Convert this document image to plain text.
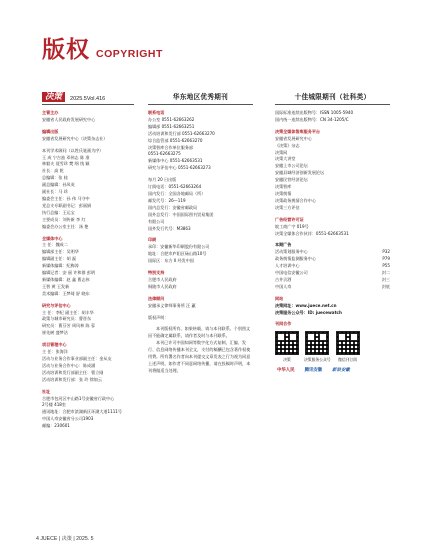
版权 COPYRIGHT
决策	2025.5Vol.416
主管主办
安徽省人民政府发展研究中心
编辑出版
安徽省发展研究中心（决策杂志社）
本刊学术顾问（以姓氏笔画为序）
王 成 宁吉喆 邓伟志 陈 准
林毅夫 聂雪珍 樊 纲 钱 颖
社长：高 乾
总编辑：张 桂
副总编辑：孙凤英
副社长：马 珍
编委会主任：孙 伟 马守中
党总支专职副书记：彭丽娟
执行总编：王运宝
主要成员：刘传新 李 红
编委会办公室主任：汤 艳
全媒体中心
主 任：魏成二
编辑部主任：吴明华
编辑副主任：胡 磊
新媒体编辑：纪梅涛
编辑记者：安 丽 许和群 彭明
新媒体编辑：赵 鑫 曹志伟
王智 黄 王发新
美术编辑：王梦琦 舒 晓东
研究与评估中心
主 任：李纪 副主任：胡丰华
政策与城市研究员：曹晋东
研究员：曹芬芳 周风林 陈 蓉
崔先树 盛梦洁
项目管理中心
主 任：张海洋
活动与业务合作事业部副主任：金从友
活动与业务合作中心：陈成涵
活动培训和发行部副主任：曹立刚
活动培训和发行部：张 玲 徐如云
社址
合肥市包河区中山路1号安徽省行政中心
2号楼 418室
通讯地址：合肥市滨湖新区环湖大道1111号
中国人寿安徽省分公司1903
邮编：230601
华东地区优秀期刊
联系电话
办公室 0551-62663262
编辑部 0551-62663251
活动培训和发行部 0551-62663270
综合监管部 0551-62663270
决策智库合作单位服务部
0551-62663275
新媒体中心 0551-62663531
研究与评估中心 0551-62663273
每月 20 日出版
订阅电话：0551-62663264
国内发行：全国各地邮局（所）
邮发代号：26—119
国内总发行：安徽省邮政局
国外总发行：中国国际图书贸易集团
有限公司
国外发行代号：M3863
印刷
承印：安徽新华印刷股份有限公司
地址：合肥市庐阳区砀山路10号
国际区：东方 II 经发中国
特别支持
合肥市人民政府
铜陵市人民政府
法律顾问
安徽承义律师事务所 汪 蕙
版权声明：
本刊版权所有。如果转载、请与本刊联系。个别图文因不能确定属联系，请作者及时与本刊联系。
本刊已许可中国知网等数字化方式复制，汇编、发行、信息网络传播本刊全文，支付的稿酬已包含著作权使用费。所有署名作者向本刊提交文章发表之行为视为同意上述声明。如作者不同意网络传播，请在投稿时声明，本刊将做适当处理。
十佳城限期刊（社科类）
国际标准连续出版物号：ISSN 1005-5940
国内统一连续出版物号：CN 34-1205/C
决策全媒体智库服务平台
安徽省发展研究中心
《决策》杂志
决策网
决策大讲堂
安徽上市公司论坛
安徽县域经济创新发展论坛
安徽民营经济论坛
决策智库
决策舆情
决策政务舆情合作中心
决策三方评估
广告经营许可证
皖工商广字 019号
决策全媒体合作伙伴：0551-62663531
本期广告
活动策划服务中心	P32
政务舆情监测服务中心	P79
人才培训中心	P55
中国电信安徽公司	封二
古井贡酒	封三
中国人寿	封底
网站
决策网址：www.juece.net.cn
决策服务公众号：ID: juecewatch
刊网合作
决策	决策服务公众号 微信刊订阅
中华人民	腾讯安徽	新浪安徽
4 JUECE | 决策 | 2025. 5
